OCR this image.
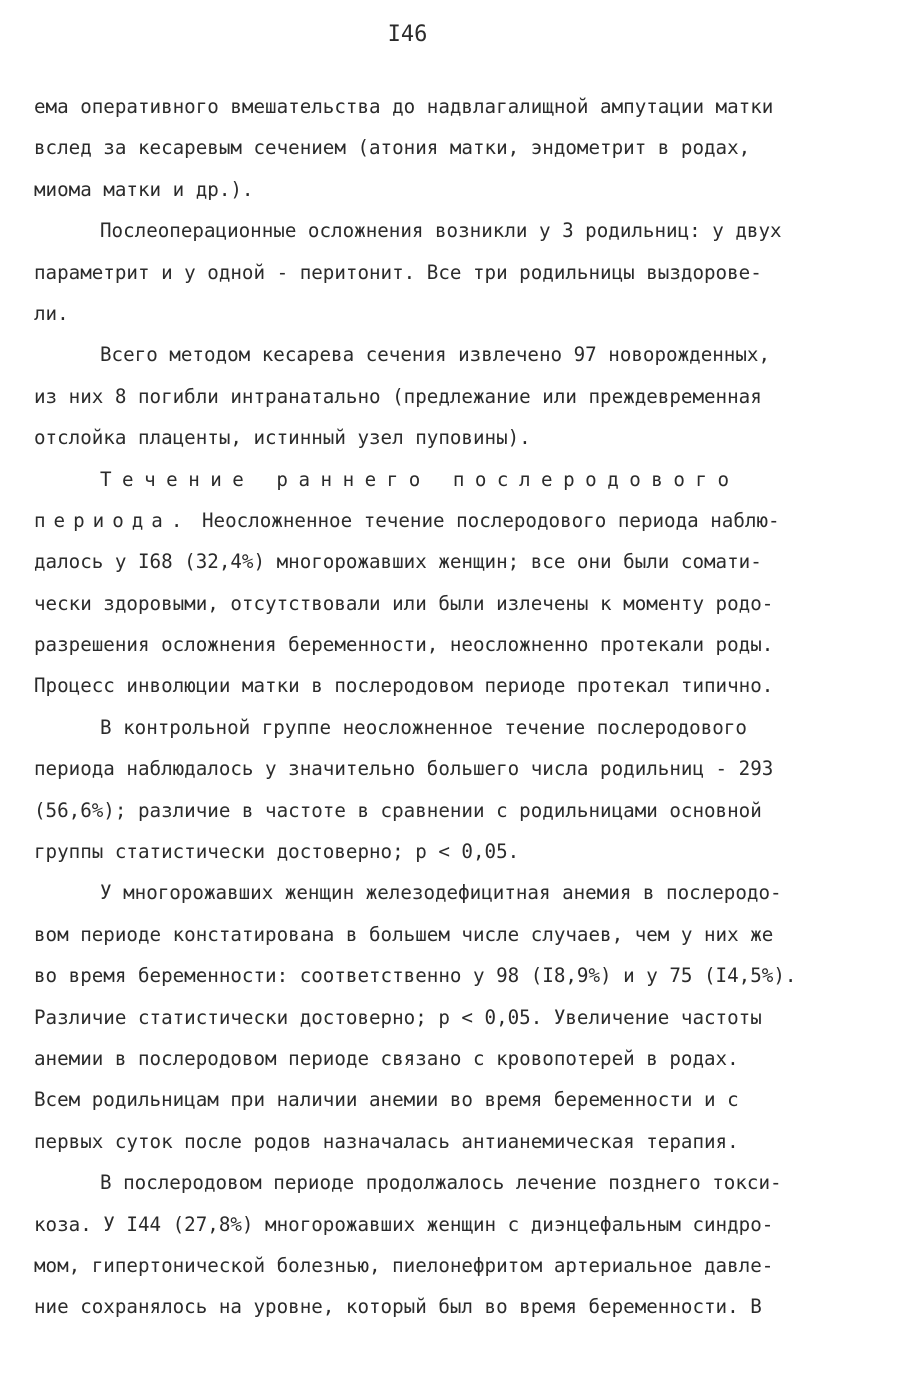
I46
ема оперативного вмешательства до надвлагалищной ампутации матки
вслед за кесаревым сечением (атония матки, эндометрит в родах,
миома матки и др.).
Послеоперационные осложнения возникли у 3 родильниц: у двух
параметрит и у одной - перитонит. Все три родильницы выздорове-
ли.
Всего методом кесарева сечения извлечено 97 новорожденных,
из них 8 погибли интранатально (предлежание или преждевременная
отслойка плаценты, истинный узел пуповины).
Течение раннего послеродового
периода. Неосложненное течение послеродового периода наблю-
далось у I68 (32,4%) многорожавших женщин; все они были сомати-
чески здоровыми, отсутствовали или были излечены к моменту родо-
разрешения осложнения беременности, неосложненно протекали роды.
Процесс инволюции матки в послеродовом периоде протекал типично.
В контрольной группе неосложненное течение послеродового
периода наблюдалось у значительно большего числа родильниц - 293
(56,6%); различие в частоте в сравнении с родильницами основной
группы статистически достоверно; p < 0,05.
У многорожавших женщин железодефицитная анемия в послеродо-
вом периоде констатирована в большем числе случаев, чем у них же
во время беременности: соответственно у 98 (I8,9%) и у 75 (I4,5%).
Различие статистически достоверно; p < 0,05. Увеличение частоты
анемии в послеродовом периоде связано с кровопотерей в родах.
Всем родильницам при наличии анемии во время беременности и с
первых суток после родов назначалась антианемическая терапия.
В послеродовом периоде продолжалось лечение позднего токси-
коза. У I44 (27,8%) многорожавших женщин с диэнцефальным синдро-
мом, гипертонической болезнью, пиелонефритом артериальное давле-
ние сохранялось на уровне, который был во время беременности. В
